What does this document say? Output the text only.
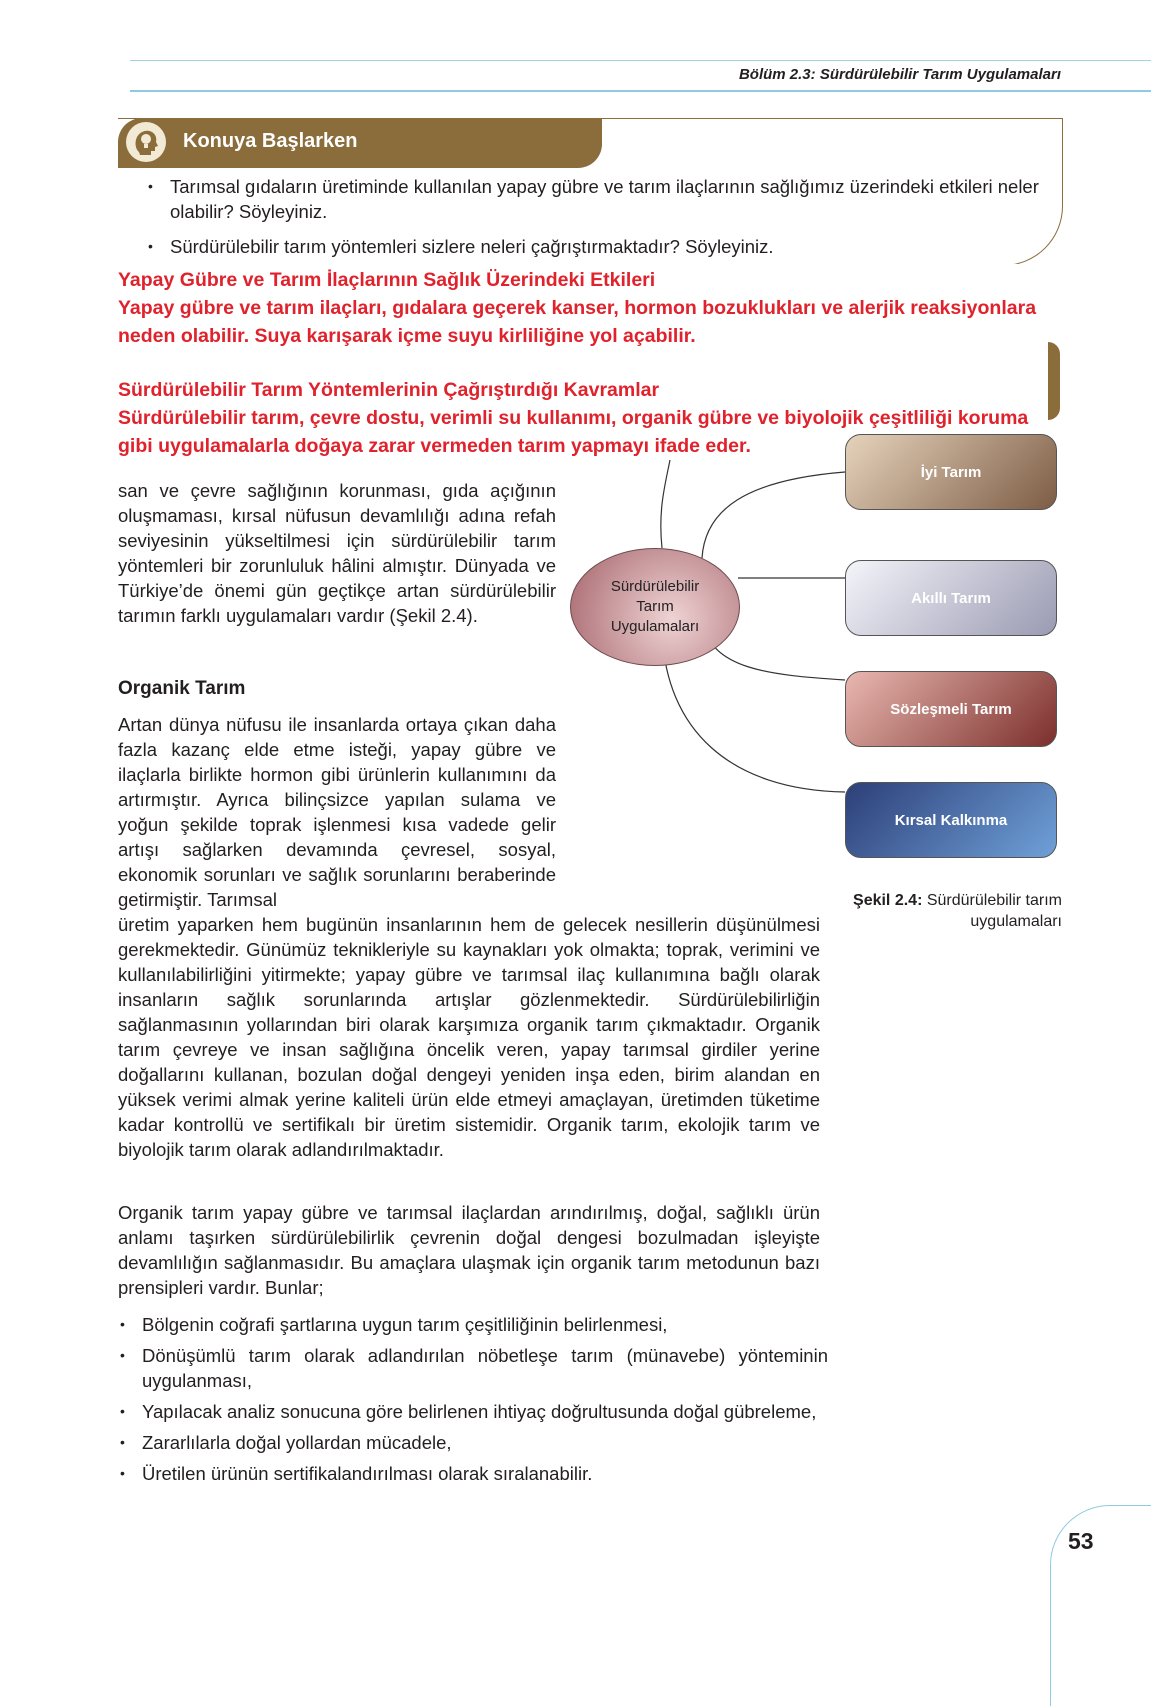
Bölüm 2.3: Sürdürülebilir Tarım Uygulamaları
Konuya Başlarken
• Tarımsal gıdaların üretiminde kullanılan yapay gübre ve tarım ilaçlarının sağlığımız üzerindeki etkileri neler olabilir? Söyleyiniz.
• Sürdürülebilir tarım yöntemleri sizlere neleri çağrıştırmaktadır? Söyleyiniz.
Yapay Gübre ve Tarım İlaçlarının Sağlık Üzerindeki Etkileri
Yapay gübre ve tarım ilaçları, gıdalara geçerek kanser, hormon bozuklukları ve alerjik reaksiyonlara neden olabilir. Suya karışarak içme suyu kirliliğine yol açabilir.
Sürdürülebilir Tarım Yöntemlerinin Çağrıştırdığı Kavramlar
Sürdürülebilir tarım, çevre dostu, verimli su kullanımı, organik gübre ve biyolojik çeşitliliği koruma gibi uygulamalarla doğaya zarar vermeden tarım yapmayı ifade eder.

san ve çevre sağlığının korunması, gıda açığının oluşmaması, kırsal nüfusun devamlılığı adına refah seviyesinin yükseltilmesi için sürdürülebilir tarım yöntemleri bir zorunluluk hâlini almıştır. Dünyada ve Türkiye’de önemi gün geçtikçe artan sürdürülebilir tarımın farklı uygulamaları vardır (Şekil 2.4).

Organik Tarım

Artan dünya nüfusu ile insanlarda ortaya çıkan daha fazla kazanç elde etme isteği, yapay gübre ve ilaçlarla birlikte hormon gibi ürünlerin kullanımını da artırmıştır. Ayrıca bilinçsizce yapılan sulama ve yoğun şekilde toprak işlenmesi kısa vadede gelir artışı sağlarken devamında çevresel, sosyal, ekonomik sorunları ve sağlık sorunlarını beraberinde getirmiştir. Tarımsal

üretim yaparken hem bugünün insanlarının hem de gelecek nesillerin düşünülmesi gerekmektedir. Günümüz teknikleriyle su kaynakları yok olmakta; toprak, verimini ve kullanılabilirliğini yitirmekte; yapay gübre ve tarımsal ilaç kullanımına bağlı olarak insanların sağlık sorunlarında artışlar gözlenmektedir. Sürdürülebilirliğin sağlanmasının yollarından biri olarak karşımıza organik tarım çıkmaktadır. Organik tarım çevreye ve insan sağlığına öncelik veren, yapay tarımsal girdiler yerine doğallarını kullanan, bozulan doğal dengeyi yeniden inşa eden, birim alandan en yüksek verimi almak yerine kaliteli ürün elde etmeyi amaçlayan, üretimden tüketime kadar kontrollü ve sertifikalı bir üretim sistemidir. Organik tarım, ekolojik tarım ve biyolojik tarım olarak adlandırılmaktadır.

Organik tarım yapay gübre ve tarımsal ilaçlardan arındırılmış, doğal, sağlıklı ürün anlamı taşırken sürdürülebilirlik çevrenin doğal dengesi bozulmadan işleyişte devamlılığın sağlanmasıdır. Bu amaçlara ulaşmak için organik tarım metodunun bazı prensipleri vardır. Bunlar;

• Bölgenin coğrafi şartlarına uygun tarım çeşitliliğinin belirlenmesi,
• Dönüşümlü tarım olarak adlandırılan nöbetleşe tarım (münavebe) yönteminin uygulanması,
• Yapılacak analiz sonucuna göre belirlenen ihtiyaç doğrultusunda doğal gübreleme,
• Zararlılarla doğal yollardan mücadele,
• Üretilen ürünün sertifikalandırılması olarak sıralanabilir.
İyi Tarım
Akıllı Tarım
Sözleşmeli Tarım
Kırsal Kalkınma
Sürdürülebilir Tarım Uygulamaları
Şekil 2.4: Sürdürülebilir tarım uygulamaları
53
